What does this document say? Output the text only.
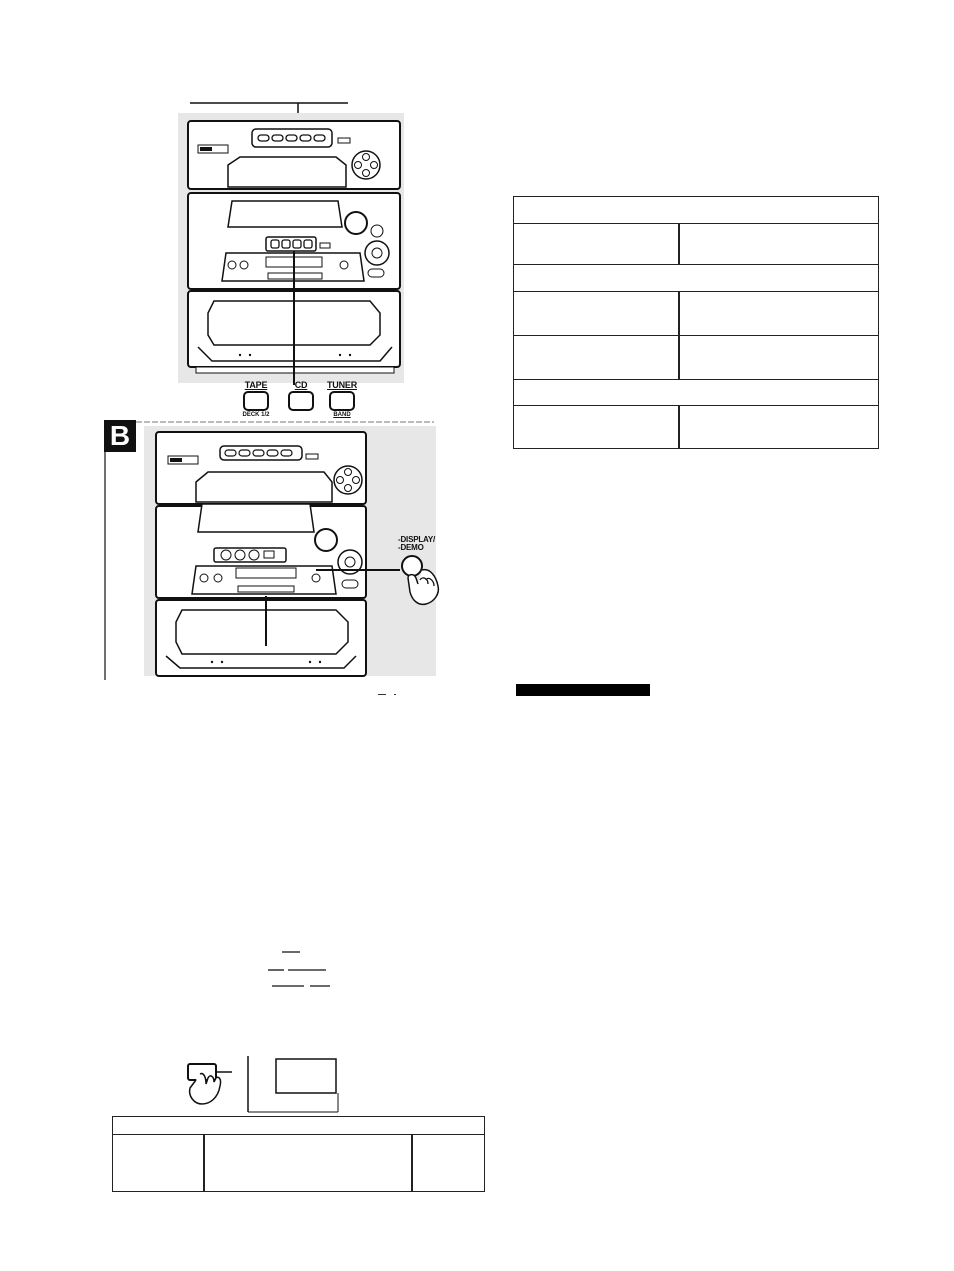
TAPE
DECK 1/2
CD	TUNER
BAND
B
-DISPLAY/
-DEMO
